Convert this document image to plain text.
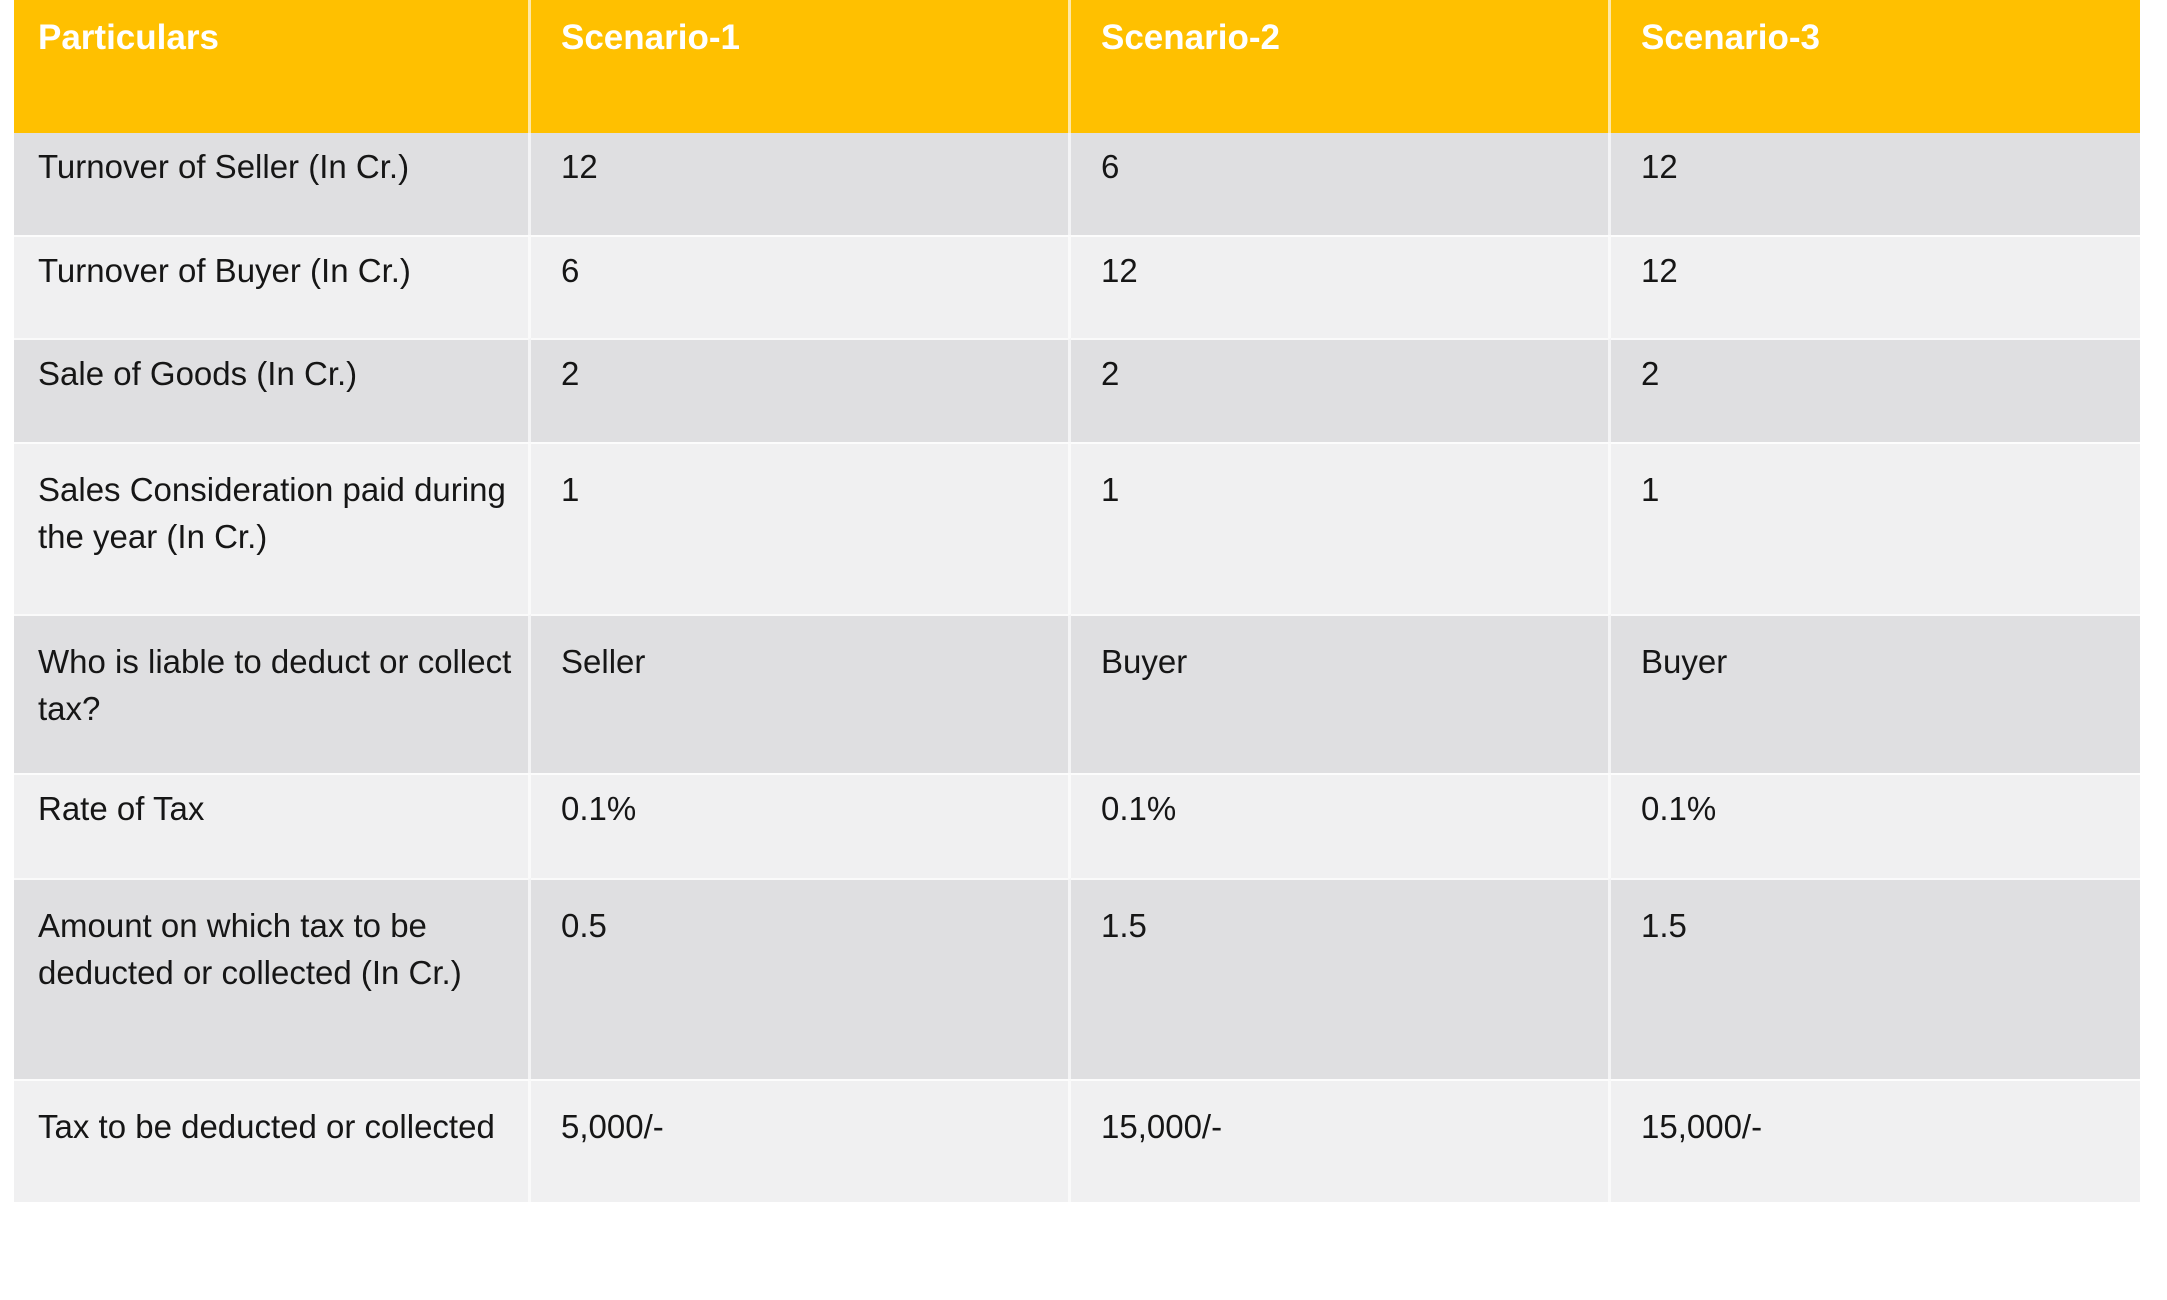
Particulars	Scenario-1	Scenario-2	Scenario-3
Turnover of Seller (In Cr.)	12	6	12
Turnover of Buyer (In Cr.)	6	12	12
Sale of Goods (In Cr.)	2	2	2
Sales Consideration paid during the year (In Cr.)	1	1	1
Who is liable to deduct or collect tax?	Seller	Buyer	Buyer
Rate of Tax	0.1%	0.1%	0.1%
Amount on which tax to be deducted or collected (In Cr.)	0.5	1.5	1.5
Tax to be deducted or collected	5,000/-	15,000/-	15,000/-
